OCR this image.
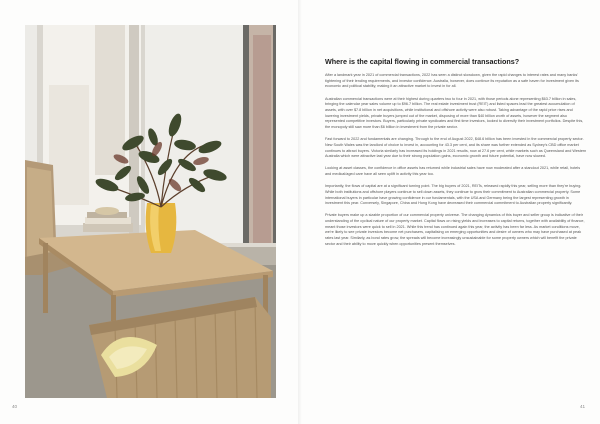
Where is the capital flowing in commercial transactions?

After a landmark year in 2021 of commercial transactions, 2022 has seen a distinct slowdown, given the rapid changes to interest rates and many banks' tightening of their lending requirements, and investor confidence. Australia, however, does continue its reputation as a safe haven for investment given its economic and political stability, making it an attractive market to invest in for all.

Australian commercial transactions were at their highest during quarters two to four in 2021, with those periods alone representing $63.7 billion in sales, bringing the calendar year sales volume up to $96.7 billion. The real estate investment trust (REIT) and listed spaces lead the greatest accumulation of assets, with over $7.8 billion in net acquisitions, while institutional and offshore activity were also robust. Taking advantage of the rapid price rises and lowering investment yields, private buyers jumped out of the market, disposing of more than $40 billion worth of assets, however the segment also represented competitive investors. Buyers, particularly private syndicates and first time investors, looked to diversify their investment portfolios. Despite this, the monopoly still saw more than $6 billion in investment from the private sector.

Fast forward to 2022 and fundamentals are changing. Through to the end of August 2022, $48.6 billion has been invested in the commercial property sector. New South Wales was the landlord of choice to invest in, accounting for 43.3 per cent, and its share was further extended as Sydney's CBD office market continues to attract buyers. Victoria similarly has increased its holdings in 2021 results, now at 27.6 per cent, while markets such as Queensland and Western Australia which were attractive last year due to their strong population gains, economic growth and future potential, have now slowed.

Looking at asset classes, the confidence in office assets has returned while industrial sales have now moderated after a standout 2021, while retail, hotels and medical/aged care have all seen uplift in activity this year too.

Importantly, the flows of capital are at a significant turning point. The big buyers of 2021, REITs, released rapidly this year, selling more than they're buying. While both institutions and offshore players continue to sell down assets, they continue to grow their commitment to Australian commercial property. Some international buyers in particular have growing confidence in our fundamentals, with the USA and Germany being the largest representing growth in investment this year. Conversely, Singapore, China and Hong Kong have decreased their commercial commitment to Australian property significantly.

Private buyers make up a sizable proportion of our commercial property universe. The changing dynamics of this buyer and seller group is indicative of their understanding of the cyclical nature of our property market. Capital flows on rising yields and increases to capital returns, together with availability of finance, meant those investors were quick to sell in 2021. While this trend has continued again this year, the activity has been far less. As market conditions move, we're likely to see private investors become net purchasers, capitalising on emerging opportunities and desire of owners who may have purchased at peak rates last year. Similarly, as bond rates grow, the spreads will become increasingly unsustainable for some property owners which will benefit the private sector and their ability to move quickly when opportunities present themselves.

40	41
